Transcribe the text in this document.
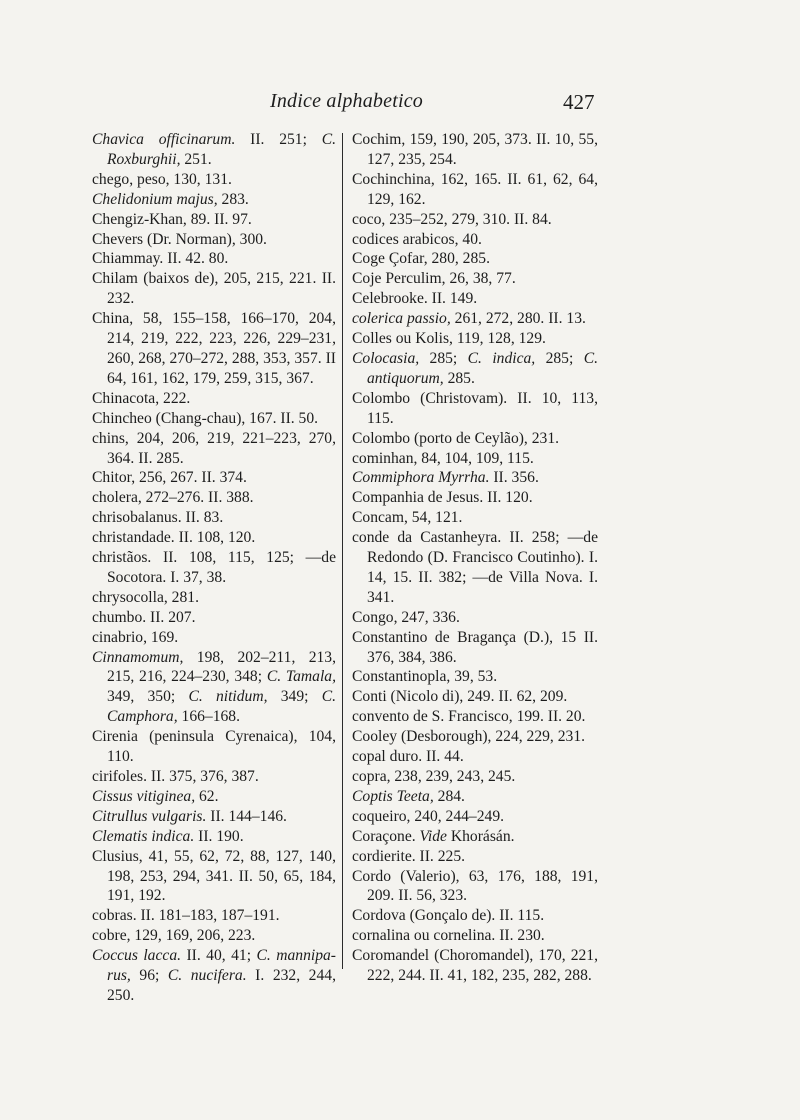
Indice alphabetico	427

Chavica officinarum. II. 251; C. Roxburghii, 251.

chego, peso, 130, 131.

Chelidonium majus, 283.

Chengiz-Khan, 89. II. 97.

Chevers (Dr. Norman), 300.

Chiammay. II. 42. 80.

Chilam (baixos de), 205, 215, 221. II. 232.

China, 58, 155–158, 166–170, 204, 214, 219, 222, 223, 226, 229–231, 260, 268, 270–272, 288, 353, 357. II 64, 161, 162, 179, 259, 315, 367.

Chinacota, 222.

Chincheo (Chang-chau), 167. II. 50.

chins, 204, 206, 219, 221–223, 270, 364. II. 285.

Chitor, 256, 267. II. 374.

cholera, 272–276. II. 388.

chrisobalanus. II. 83.

christandade. II. 108, 120.

christãos. II. 108, 115, 125; —de Socotora. I. 37, 38.

chrysocolla, 281.

chumbo. II. 207.

cinabrio, 169.

Cinnamomum, 198, 202–211, 213, 215, 216, 224–230, 348; C. Tamala, 349, 350; C. nitidum, 349; C. Camphora, 166–168.

Cirenia (peninsula Cyrenaica), 104, 110.

cirifoles. II. 375, 376, 387.

Cissus vitiginea, 62.

Citrullus vulgaris. II. 144–146.

Clematis indica. II. 190.

Clusius, 41, 55, 62, 72, 88, 127, 140, 198, 253, 294, 341. II. 50, 65, 184, 191, 192.

cobras. II. 181–183, 187–191.

cobre, 129, 169, 206, 223.

Coccus lacca. II. 40, 41; C. mannipa-rus, 96; C. nucifera. I. 232, 244, 250.

Cochim, 159, 190, 205, 373. II. 10, 55, 127, 235, 254.

Cochinchina, 162, 165. II. 61, 62, 64, 129, 162.

coco, 235–252, 279, 310. II. 84.

codices arabicos, 40.

Coge Çofar, 280, 285.

Coje Perculim, 26, 38, 77.

Celebrooke. II. 149.

colerica passio, 261, 272, 280. II. 13.

Colles ou Kolis, 119, 128, 129.

Colocasia, 285; C. indica, 285; C. antiquorum, 285.

Colombo (Christovam). II. 10, 113, 115.

Colombo (porto de Ceylão), 231.

cominhan, 84, 104, 109, 115.

Commiphora Myrrha. II. 356.

Companhia de Jesus. II. 120.

Concam, 54, 121.

conde da Castanheyra. II. 258; —de Redondo (D. Francisco Coutinho). I. 14, 15. II. 382; —de Villa Nova. I. 341.

Congo, 247, 336.

Constantino de Bragança (D.), 15 II. 376, 384, 386.

Constantinopla, 39, 53.

Conti (Nicolo di), 249. II. 62, 209.

convento de S. Francisco, 199. II. 20.

Cooley (Desborough), 224, 229, 231.

copal duro. II. 44.

copra, 238, 239, 243, 245.

Coptis Teeta, 284.

coqueiro, 240, 244–249.

Coraçone. Vide Khorásán.

cordierite. II. 225.

Cordo (Valerio), 63, 176, 188, 191, 209. II. 56, 323.

Cordova (Gonçalo de). II. 115.

cornalina ou cornelina. II. 230.

Coromandel (Choromandel), 170, 221, 222, 244. II. 41, 182, 235, 282, 288.
